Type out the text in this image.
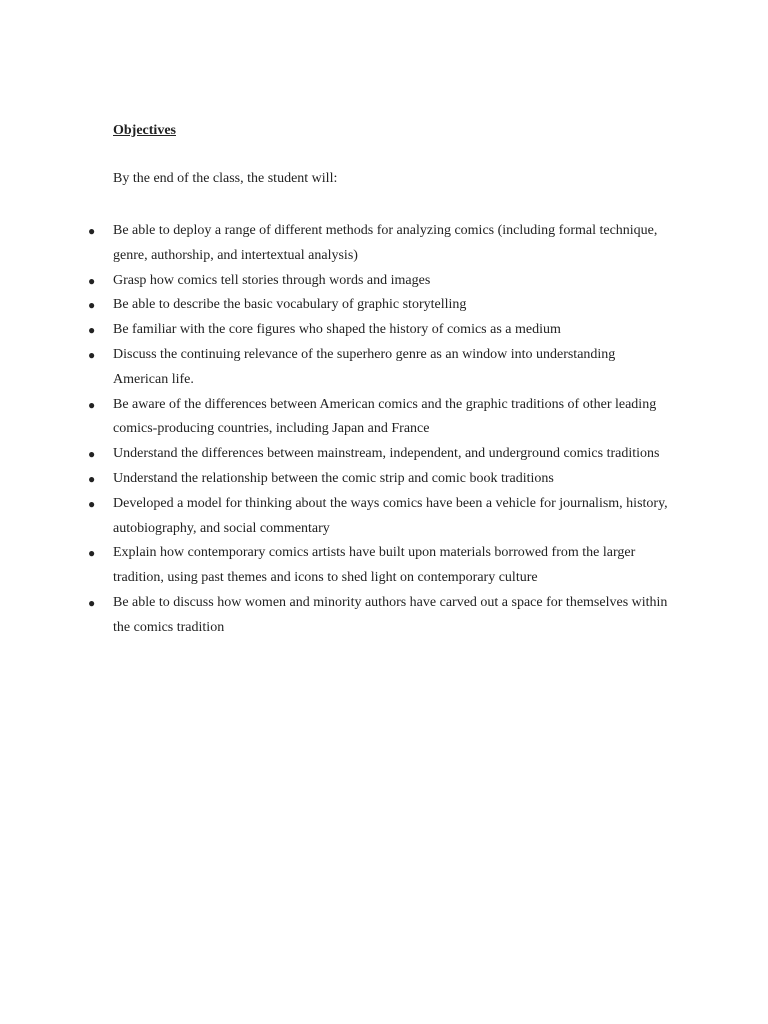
Objectives

By the end of the class, the student will:

● Be able to deploy a range of different methods for analyzing comics (including formal technique, genre, authorship, and intertextual analysis)
● Grasp how comics tell stories through words and images
● Be able to describe the basic vocabulary of graphic storytelling
● Be familiar with the core figures who shaped the history of comics as a medium
● Discuss the continuing relevance of the superhero genre as an window into understanding American life.
● Be aware of the differences between American comics and the graphic traditions of other leading comics-producing countries, including Japan and France
● Understand the differences between mainstream, independent, and underground comics traditions
● Understand the relationship between the comic strip and comic book traditions
● Developed a model for thinking about the ways comics have been a vehicle for journalism, history, autobiography, and social commentary
● Explain how contemporary comics artists have built upon materials borrowed from the larger tradition, using past themes and icons to shed light on contemporary culture
● Be able to discuss how women and minority authors have carved out a space for themselves within the comics tradition
